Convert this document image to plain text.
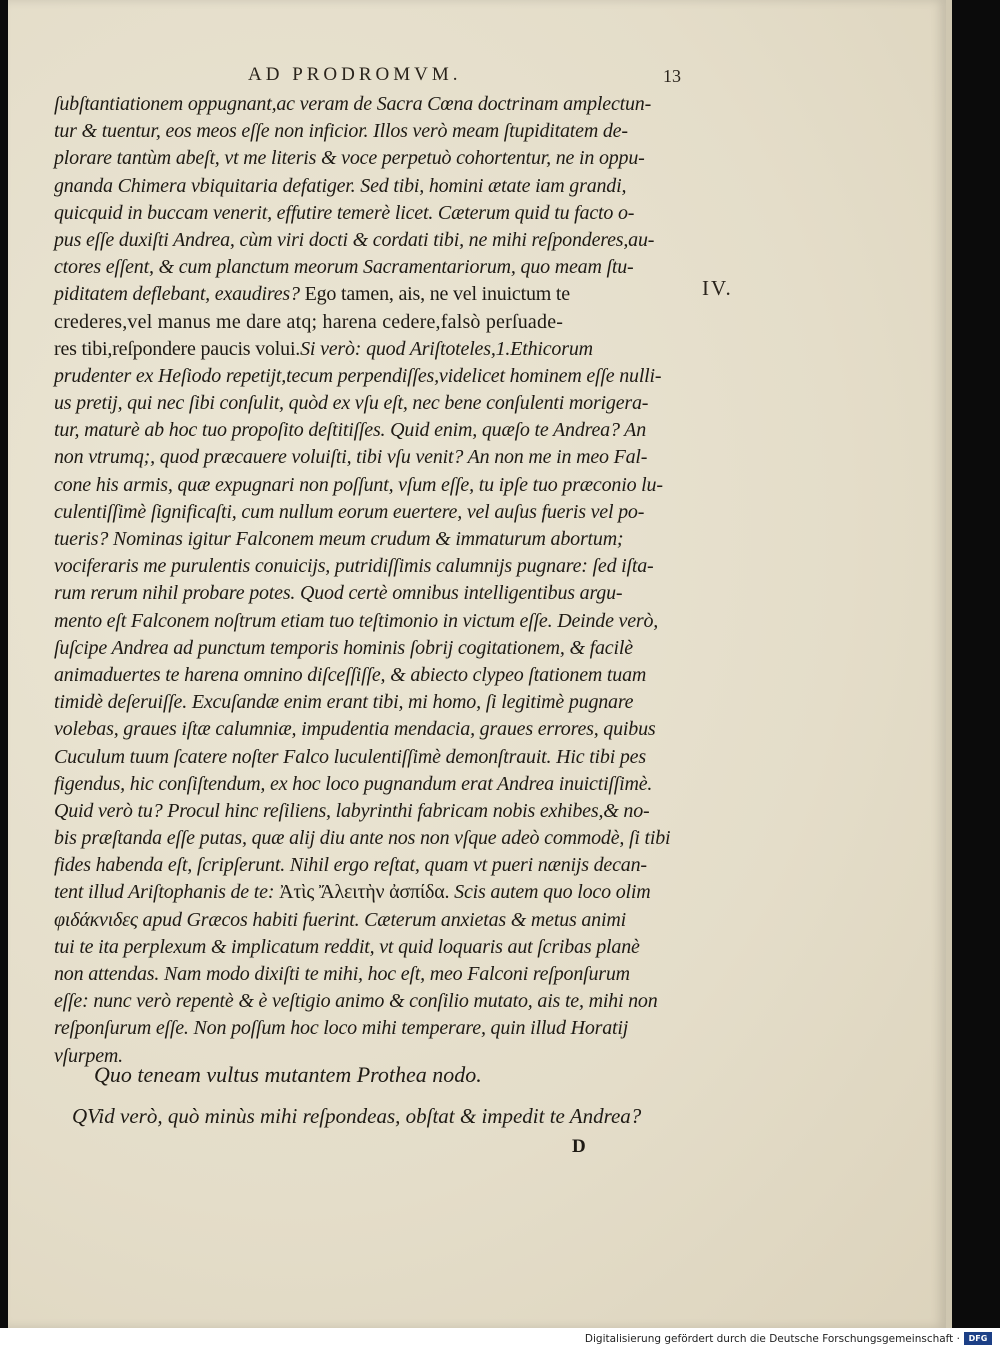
AD PRODROMVM.	13
IV.
ſubſtantiationem oppugnant,ac veram de Sacra Cœna doctrinam amplectun-
tur & tuentur, eos meos eſſe non inficior. Illos verò meam ſtupiditatem de-
plorare tantùm abeſt, vt me literis & voce perpetuò cohortentur, ne in oppu-
gnanda Chimera vbiquitaria defatiger. Sed tibi, homini ætate iam grandi,
quicquid in buccam venerit, effutire temerè licet. Cæterum quid tu facto o-
pus eſſe duxiſti Andrea, cùm viri docti & cordati tibi, ne mihi reſponderes,au-
ctores eſſent, & cum planctum meorum Sacramentariorum, quo meam ſtu-
piditatem deflebant, exaudires? Ego tamen, ais, ne vel inuictum te
crederes,vel manus me dare atq; harena cedere,falsò perſuade-
res tibi,reſpondere paucis volui.Si verò: quod Ariſtoteles,1.Ethicorum
prudenter ex Heſiodo repetijt,tecum perpendiſſes,videlicet hominem eſſe nulli-
us pretij, qui nec ſibi conſulit, quòd ex vſu eſt, nec bene conſulenti morigera-
tur, maturè ab hoc tuo propoſito deſtitiſſes. Quid enim, quæſo te Andrea? An
non vtrumq;, quod præcauere voluiſti, tibi vſu venit? An non me in meo Fal-
cone his armis, quæ expugnari non poſſunt, vſum eſſe, tu ipſe tuo præconio lu-
culentiſſimè ſignificaſti, cum nullum eorum euertere, vel auſus fueris vel po-
tueris? Nominas igitur Falconem meum crudum & immaturum abortum;
vociferaris me purulentis conuicijs, putridiſſimis calumnijs pugnare: ſed iſta-
rum rerum nihil probare potes. Quod certè omnibus intelligentibus argu-
mento eſt Falconem noſtrum etiam tuo teſtimonio in victum eſſe. Deinde verò,
ſuſcipe Andrea ad punctum temporis hominis ſobrij cogitationem, & facilè
animaduertes te harena omnino diſceſſiſſe, & abiecto clypeo ſtationem tuam
timidè deſeruiſſe. Excuſandæ enim erant tibi, mi homo, ſi legitimè pugnare
volebas, graues iſtæ calumniæ, impudentia mendacia, graues errores, quibus
Cuculum tuum ſcatere noſter Falco luculentiſſimè demonſtrauit. Hic tibi pes
figendus, hic conſiſtendum, ex hoc loco pugnandum erat Andrea inuictiſſimè.
Quid verò tu? Procul hinc reſiliens, labyrinthi fabricam nobis exhibes,& no-
bis præſtanda eſſe putas, quæ alij diu ante nos non vſque adeò commodè, ſi tibi
fides habenda eſt, ſcripſerunt. Nihil ergo reſtat, quam vt pueri nænijs decan-
tent illud Ariſtophanis de te: Ἀτὶς Ἄλειτὴν ἀσπίδα. Scis autem quo loco olim
φιδάκνιδες apud Græcos habiti fuerint. Cæterum anxietas & metus animi
tui te ita perplexum & implicatum reddit, vt quid loquaris aut ſcribas planè
non attendas. Nam modo dixiſti te mihi, hoc eſt, meo Falconi reſponſurum
eſſe: nunc verò repentè & è veſtigio animo & conſilio mutato, ais te, mihi non
reſponſurum eſſe. Non poſſum hoc loco mihi temperare, quin illud Horatij
vſurpem.
Quo teneam vultus mutantem Prothea nodo.
QVid verò, quò minùs mihi reſpondeas, obſtat & impedit te Andrea?
D
Digitalisierung gefördert durch die Deutsche Forschungsgemeinschaft ·	DFG
